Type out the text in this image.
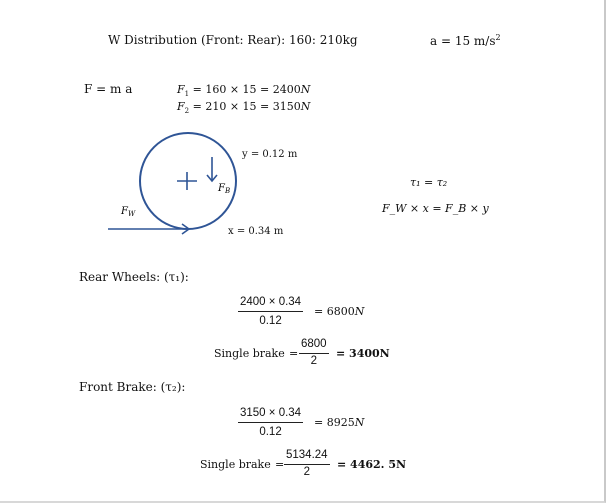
W Distribution (Front: Rear): 160: 210kg	a = 15 $m/s^2$
F = m a	$F_1 = 160 \times 15 = 2400N$
$F_2 = 210 \times 15 = 3150N$
$F_B$
$F_W$
y = 0.12 m
x = 0.34 m
τ₁ = τ₂
F_W × x = F_B × y
Rear Wheels: (τ₁):
2400 × 0.34
0.12
= 6800N
Single brake =
6800
2
= 3400N
Front Brake: (τ₂):
3150 × 0.34
0.12
= 8925N
Single brake =
5134.24
2
= 4462. 5N
